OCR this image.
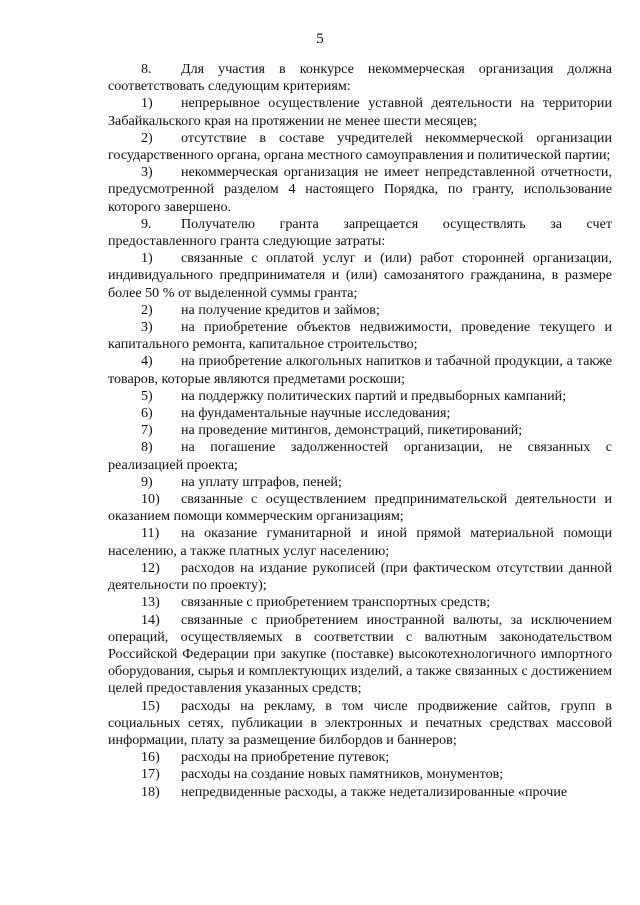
5

8. Для участия в конкурсе некоммерческая организация должна соответствовать следующим критериям:

1) непрерывное осуществление уставной деятельности на территории Забайкальского края на протяжении не менее шести месяцев;

2) отсутствие в составе учредителей некоммерческой организации государственного органа, органа местного самоуправления и политической партии;

3) некоммерческая организация не имеет непредставленной отчетности, предусмотренной разделом 4 настоящего Порядка, по гранту, использование которого завершено.

9. Получателю гранта запрещается осуществлять за счет предоставленного гранта следующие затраты:

1) связанные с оплатой услуг и (или) работ сторонней организации, индивидуального предпринимателя и (или) самозанятого гражданина, в размере более 50 % от выделенной суммы гранта;

2) на получение кредитов и займов;

3) на приобретение объектов недвижимости, проведение текущего и капитального ремонта, капитальное строительство;

4) на приобретение алкогольных напитков и табачной продукции, а также товаров, которые являются предметами роскоши;

5) на поддержку политических партий и предвыборных кампаний;

6) на фундаментальные научные исследования;

7) на проведение митингов, демонстраций, пикетирований;

8) на погашение задолженностей организации, не связанных с реализацией проекта;

9) на уплату штрафов, пеней;

10) связанные с осуществлением предпринимательской деятельности и оказанием помощи коммерческим организациям;

11) на оказание гуманитарной и иной прямой материальной помощи населению, а также платных услуг населению;

12) расходов на издание рукописей (при фактическом отсутствии данной деятельности по проекту);

13) связанные с приобретением транспортных средств;

14) связанные с приобретением иностранной валюты, за исключением операций, осуществляемых в соответствии с валютным законодательством Российской Федерации при закупке (поставке) высокотехнологичного импортного оборудования, сырья и комплектующих изделий, а также связанных с достижением целей предоставления указанных средств;

15) расходы на рекламу, в том числе продвижение сайтов, групп в социальных сетях, публикации в электронных и печатных средствах массовой информации, плату за размещение билбордов и баннеров;

16) расходы на приобретение путевок;

17) расходы на создание новых памятников, монументов;

18) непредвиденные расходы, а также недетализированные «прочие
